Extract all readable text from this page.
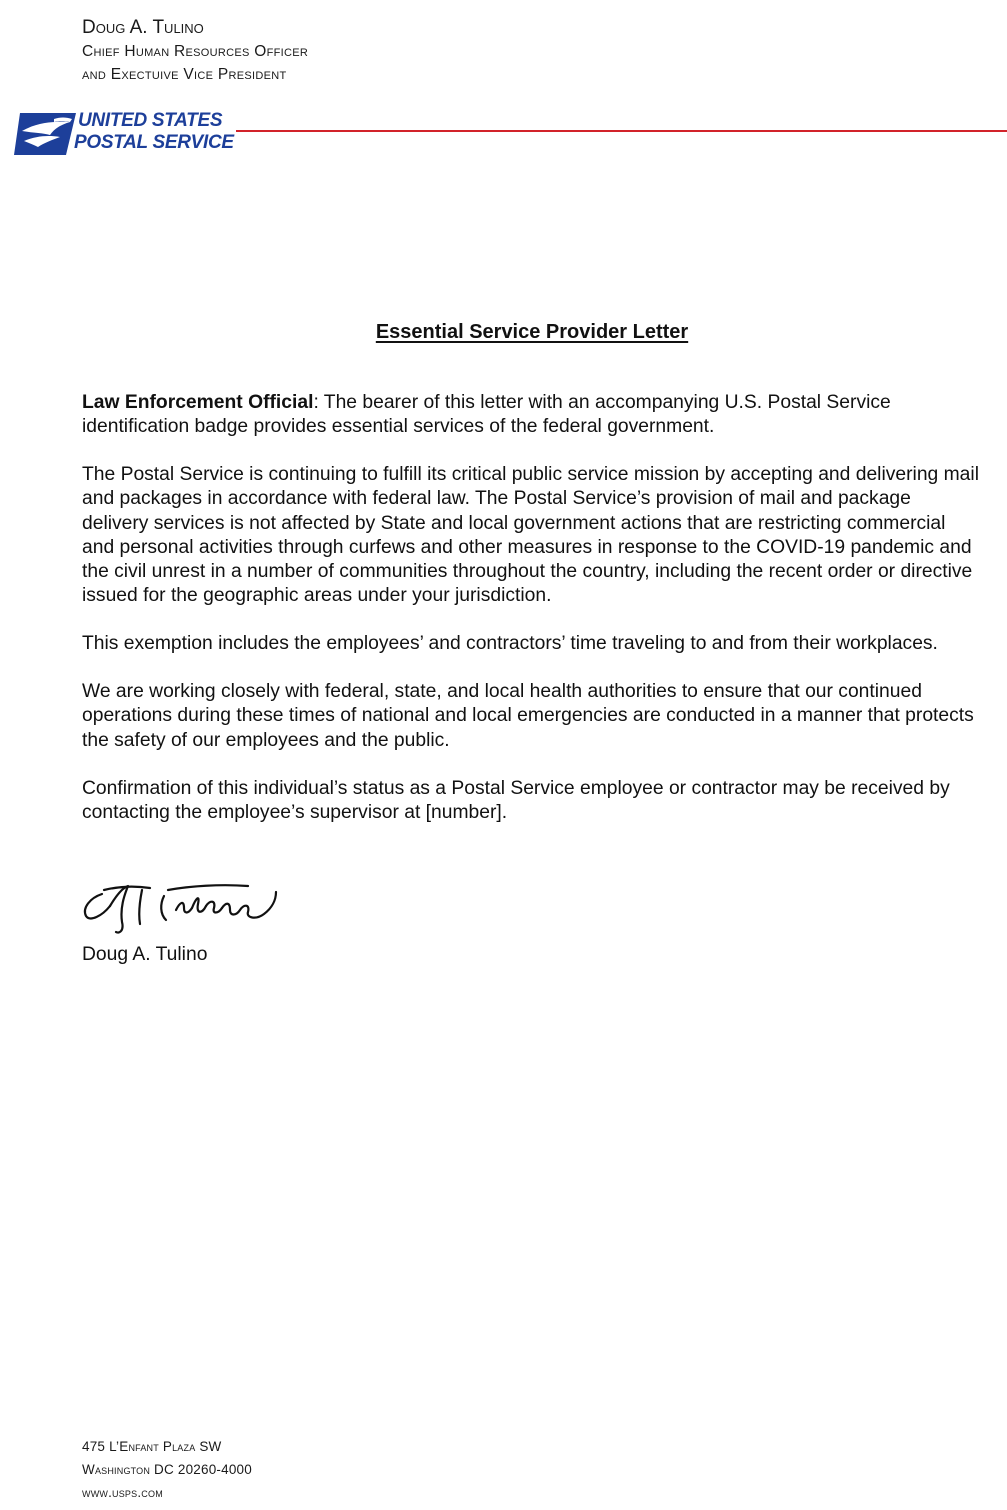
Doug A. Tulino
Chief Human Resources Officer
and Exectuive Vice President
UNITED STATES
POSTAL SERVICE
Essential Service Provider Letter

Law Enforcement Official: The bearer of this letter with an accompanying U.S. Postal Service identification badge provides essential services of the federal government.

The Postal Service is continuing to fulfill its critical public service mission by accepting and delivering mail and packages in accordance with federal law. The Postal Service’s provision of mail and package delivery services is not affected by State and local government actions that are restricting commercial and personal activities through curfews and other measures in response to the COVID-19 pandemic and the civil unrest in a number of communities throughout the country, including the recent order or directive issued for the geographic areas under your jurisdiction.

This exemption includes the employees’ and contractors’ time traveling to and from their workplaces.

We are working closely with federal, state, and local health authorities to ensure that our continued operations during these times of national and local emergencies are conducted in a manner that protects the safety of our employees and the public.

Confirmation of this individual’s status as a Postal Service employee or contractor may be received by contacting the employee’s supervisor at [number].

Doug A. Tulino
475 L’Enfant Plaza SW
Washington DC 20260-4000
www.usps.com
